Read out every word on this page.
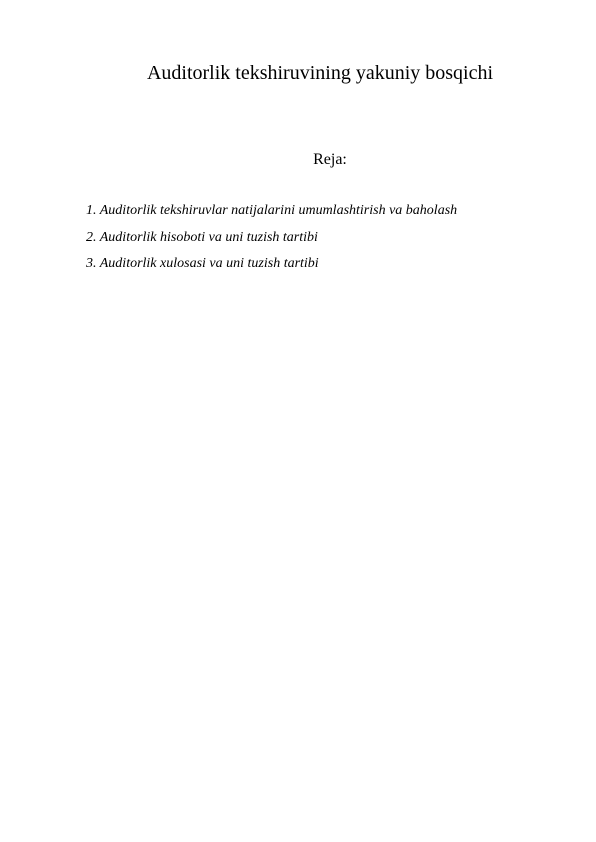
Auditorlik tekshiruvining yakuniy bosqichi
Reja:
1. Auditorlik tekshiruvlar natijalarini umumlashtirish va baholash
2. Auditorlik hisoboti va uni tuzish tartibi
3. Auditorlik xulosasi va uni tuzish tartibi
